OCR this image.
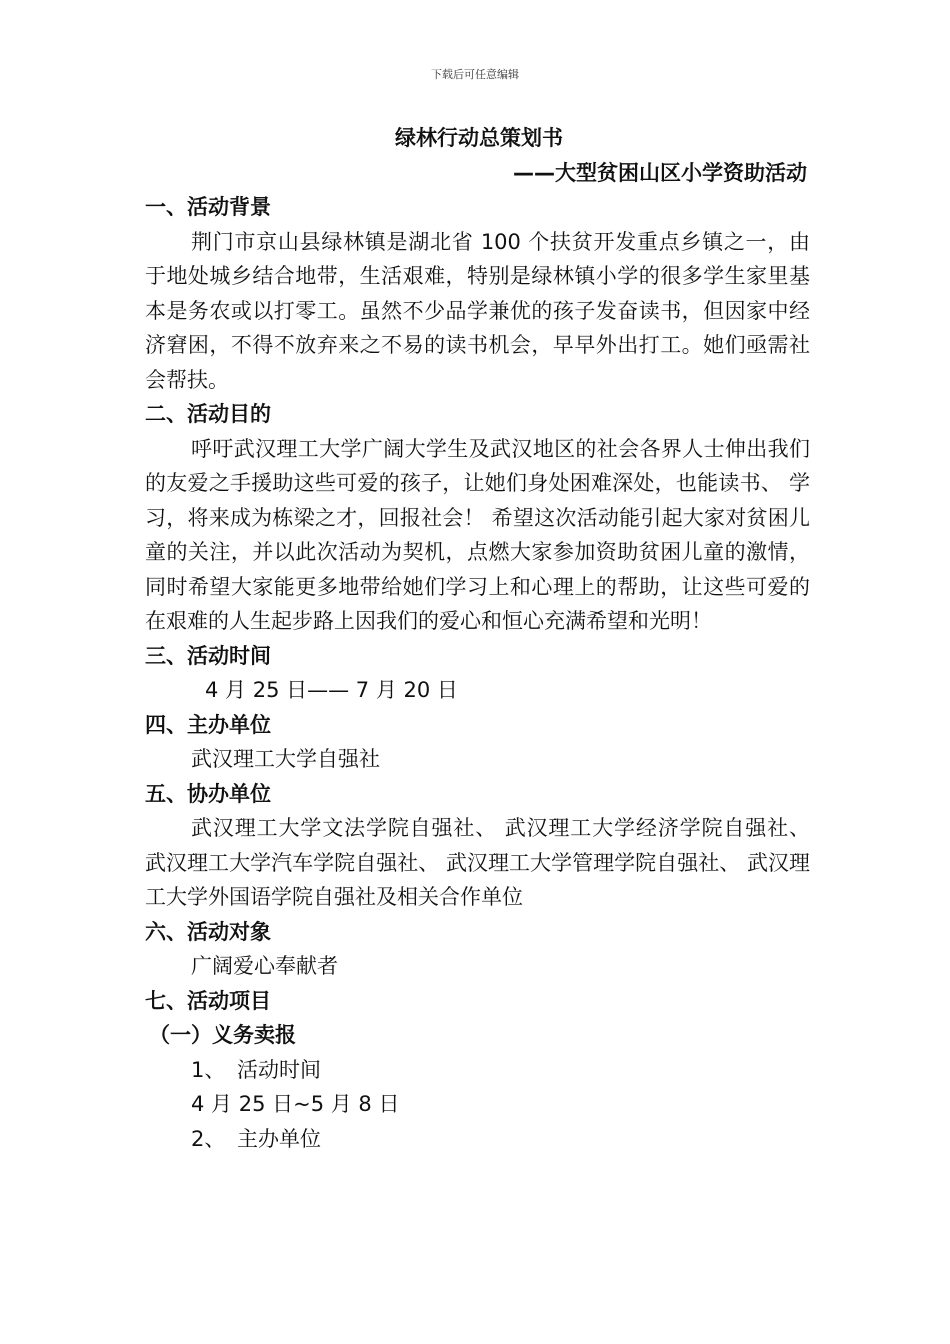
下载后可任意编辑
绿林行动总策划书
——大型贫困山区小学资助活动
一、活动背景
荆门市京山县绿林镇是湖北省 100 个扶贫开发重点乡镇之一，由于地处城乡结合地带，生活艰难，特别是绿林镇小学的很多学生家里基本是务农或以打零工。虽然不少品学兼优的孩子发奋读书，但因家中经济窘困，不得不放弃来之不易的读书机会，早早外出打工。她们亟需社会帮扶。
二、活动目的
呼吁武汉理工大学广阔大学生及武汉地区的社会各界人士伸出我们的友爱之手援助这些可爱的孩子，让她们身处困难深处，也能读书、 学习，将来成为栋梁之才，回报社会！ 希望这次活动能引起大家对贫困儿童的关注，并以此次活动为契机，点燃大家参加资助贫困儿童的激情，同时希望大家能更多地带给她们学习上和心理上的帮助，让这些可爱的在艰难的人生起步路上因我们的爱心和恒心充满希望和光明！
三、活动时间
4 月 25 日—— 7 月 20 日
四、主办单位
武汉理工大学自强社
五、协办单位
武汉理工大学文法学院自强社、 武汉理工大学经济学院自强社、 武汉理工大学汽车学院自强社、 武汉理工大学管理学院自强社、 武汉理工大学外国语学院自强社及相关合作单位
六、活动对象
广阔爱心奉献者
七、活动项目
（一）义务卖报
1、 活动时间
4 月 25 日~5 月 8 日
2、 主办单位
